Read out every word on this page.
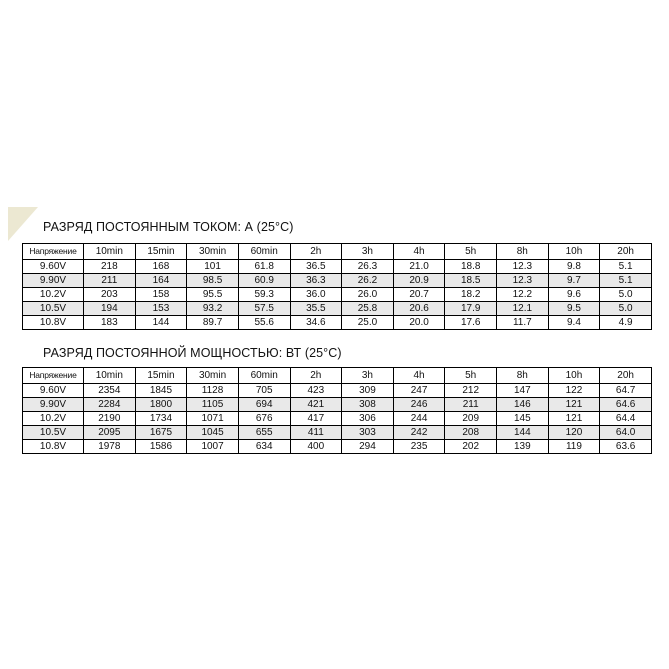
РАЗРЯД ПОСТОЯННЫМ ТОКОМ: А (25°С)
Напряжение	10min	15min	30min	60min	2h	3h	4h	5h	8h	10h	20h
9.60V	218	168	101	61.8	36.5	26.3	21.0	18.8	12.3	9.8	5.1
9.90V	211	164	98.5	60.9	36.3	26.2	20.9	18.5	12.3	9.7	5.1
10.2V	203	158	95.5	59.3	36.0	26.0	20.7	18.2	12.2	9.6	5.0
10.5V	194	153	93.2	57.5	35.5	25.8	20.6	17.9	12.1	9.5	5.0
10.8V	183	144	89.7	55.6	34.6	25.0	20.0	17.6	11.7	9.4	4.9
РАЗРЯД ПОСТОЯННОЙ МОЩНОСТЬЮ: ВТ (25°С)
Напряжение	10min	15min	30min	60min	2h	3h	4h	5h	8h	10h	20h
9.60V	2354	1845	1128	705	423	309	247	212	147	122	64.7
9.90V	2284	1800	1105	694	421	308	246	211	146	121	64.6
10.2V	2190	1734	1071	676	417	306	244	209	145	121	64.4
10.5V	2095	1675	1045	655	411	303	242	208	144	120	64.0
10.8V	1978	1586	1007	634	400	294	235	202	139	119	63.6
